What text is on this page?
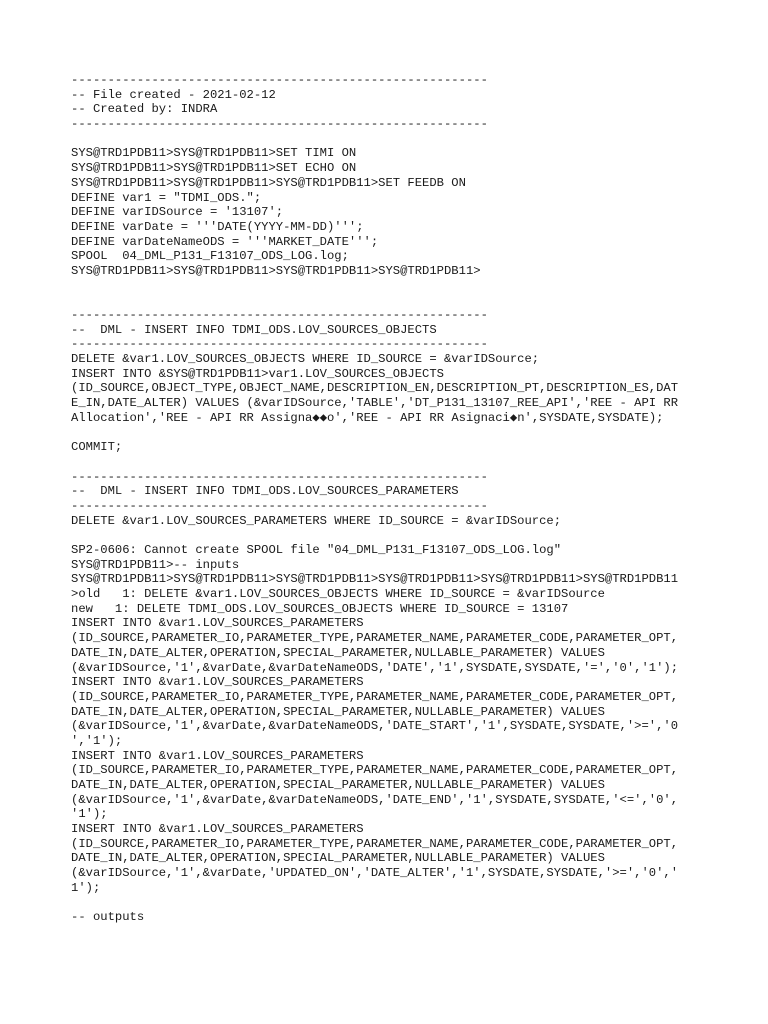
---------------------------------------------------------
-- File created - 2021-02-12
-- Created by: INDRA
---------------------------------------------------------
SYS@TRD1PDB11>SYS@TRD1PDB11>SET TIMI ON
SYS@TRD1PDB11>SYS@TRD1PDB11>SET ECHO ON
SYS@TRD1PDB11>SYS@TRD1PDB11>SYS@TRD1PDB11>SET FEEDB ON
DEFINE var1 = "TDMI_ODS.";
DEFINE varIDSource = '13107';
DEFINE varDate = '''DATE(YYYY-MM-DD)''';
DEFINE varDateNameODS = '''MARKET_DATE''';
SPOOL  04_DML_P131_F13107_ODS_LOG.log;
SYS@TRD1PDB11>SYS@TRD1PDB11>SYS@TRD1PDB11>SYS@TRD1PDB11>
---------------------------------------------------------
--  DML - INSERT INFO TDMI_ODS.LOV_SOURCES_OBJECTS
---------------------------------------------------------
DELETE &var1.LOV_SOURCES_OBJECTS WHERE ID_SOURCE = &varIDSource;
INSERT INTO &SYS@TRD1PDB11>var1.LOV_SOURCES_OBJECTS
(ID_SOURCE,OBJECT_TYPE,OBJECT_NAME,DESCRIPTION_EN,DESCRIPTION_PT,DESCRIPTION_ES,DAT
E_IN,DATE_ALTER) VALUES (&varIDSource,'TABLE','DT_P131_13107_REE_API','REE - API RR
Allocation','REE - API RR Assigna◆◆o','REE - API RR Asignaci◆n',SYSDATE,SYSDATE);
COMMIT;
---------------------------------------------------------
--  DML - INSERT INFO TDMI_ODS.LOV_SOURCES_PARAMETERS
---------------------------------------------------------
DELETE &var1.LOV_SOURCES_PARAMETERS WHERE ID_SOURCE = &varIDSource;
SP2-0606: Cannot create SPOOL file "04_DML_P131_F13107_ODS_LOG.log"
SYS@TRD1PDB11>-- inputs
SYS@TRD1PDB11>SYS@TRD1PDB11>SYS@TRD1PDB11>SYS@TRD1PDB11>SYS@TRD1PDB11>SYS@TRD1PDB11
>old   1: DELETE &var1.LOV_SOURCES_OBJECTS WHERE ID_SOURCE = &varIDSource
new   1: DELETE TDMI_ODS.LOV_SOURCES_OBJECTS WHERE ID_SOURCE = 13107
INSERT INTO &var1.LOV_SOURCES_PARAMETERS
(ID_SOURCE,PARAMETER_IO,PARAMETER_TYPE,PARAMETER_NAME,PARAMETER_CODE,PARAMETER_OPT,
DATE_IN,DATE_ALTER,OPERATION,SPECIAL_PARAMETER,NULLABLE_PARAMETER) VALUES
(&varIDSource,'1',&varDate,&varDateNameODS,'DATE','1',SYSDATE,SYSDATE,'=','0','1');
INSERT INTO &var1.LOV_SOURCES_PARAMETERS
(ID_SOURCE,PARAMETER_IO,PARAMETER_TYPE,PARAMETER_NAME,PARAMETER_CODE,PARAMETER_OPT,
DATE_IN,DATE_ALTER,OPERATION,SPECIAL_PARAMETER,NULLABLE_PARAMETER) VALUES
(&varIDSource,'1',&varDate,&varDateNameODS,'DATE_START','1',SYSDATE,SYSDATE,'>=','0
','1');
INSERT INTO &var1.LOV_SOURCES_PARAMETERS
(ID_SOURCE,PARAMETER_IO,PARAMETER_TYPE,PARAMETER_NAME,PARAMETER_CODE,PARAMETER_OPT,
DATE_IN,DATE_ALTER,OPERATION,SPECIAL_PARAMETER,NULLABLE_PARAMETER) VALUES
(&varIDSource,'1',&varDate,&varDateNameODS,'DATE_END','1',SYSDATE,SYSDATE,'<=','0',
'1');
INSERT INTO &var1.LOV_SOURCES_PARAMETERS
(ID_SOURCE,PARAMETER_IO,PARAMETER_TYPE,PARAMETER_NAME,PARAMETER_CODE,PARAMETER_OPT,
DATE_IN,DATE_ALTER,OPERATION,SPECIAL_PARAMETER,NULLABLE_PARAMETER) VALUES
(&varIDSource,'1',&varDate,'UPDATED_ON','DATE_ALTER','1',SYSDATE,SYSDATE,'>=','0','
1');
-- outputs
